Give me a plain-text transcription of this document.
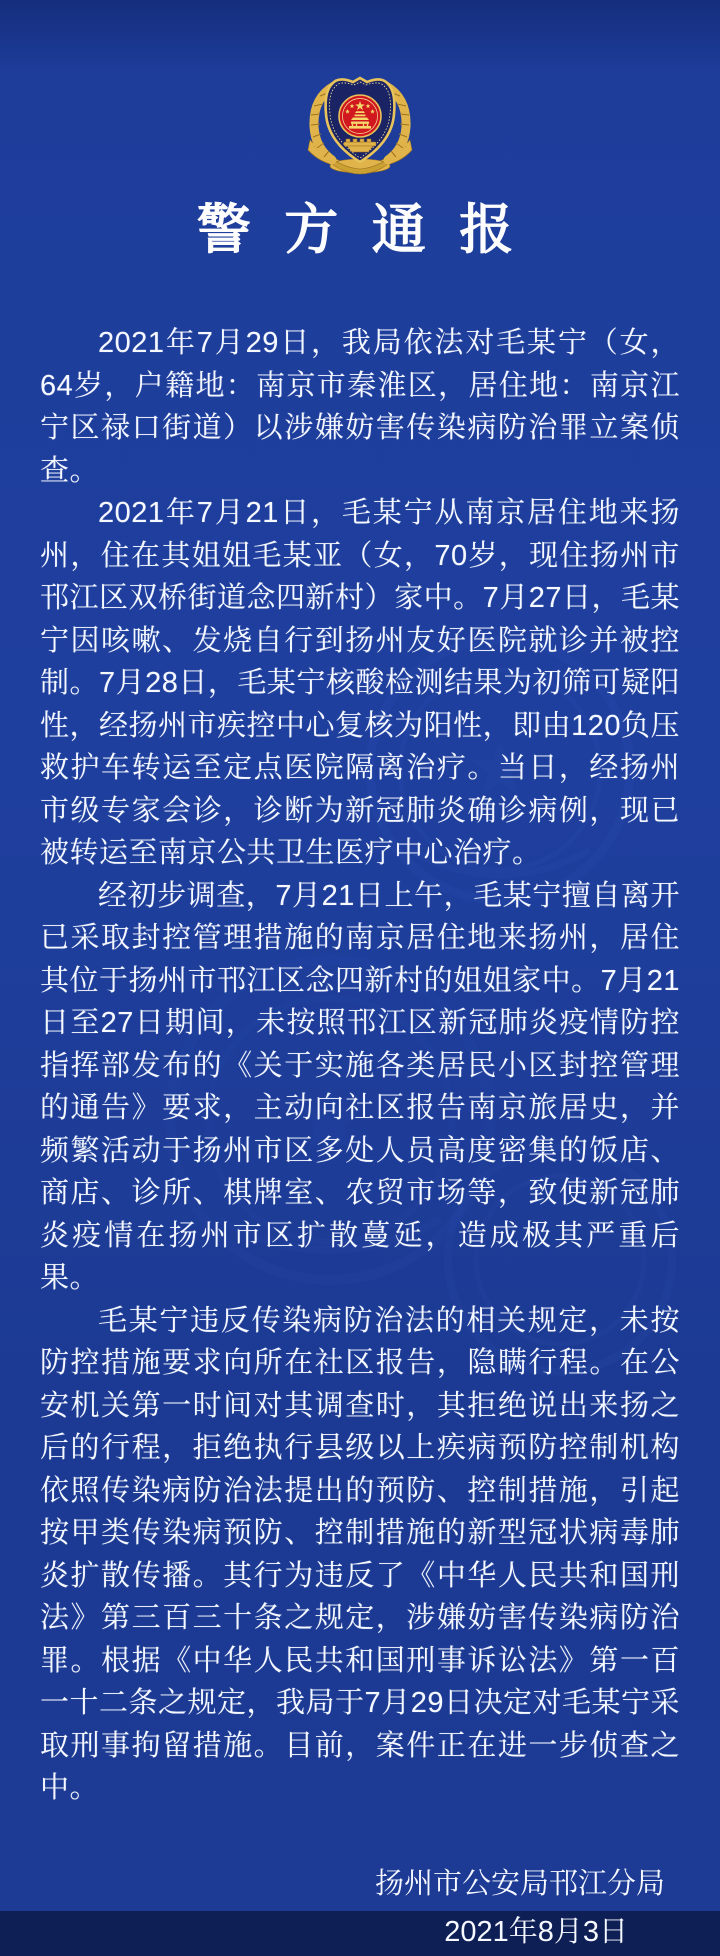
警 方 通 报

2021年7月29日，我局依法对毛某宁（女，64岁，户籍地：南京市秦淮区，居住地：南京江宁区禄口街道）以涉嫌妨害传染病防治罪立案侦查。

2021年7月21日，毛某宁从南京居住地来扬州，住在其姐姐毛某亚（女，70岁，现住扬州市邗江区双桥街道念四新村）家中。7月27日，毛某宁因咳嗽、发烧自行到扬州友好医院就诊并被控制。7月28日，毛某宁核酸检测结果为初筛可疑阳性，经扬州市疾控中心复核为阳性，即由120负压救护车转运至定点医院隔离治疗。当日，经扬州市级专家会诊，诊断为新冠肺炎确诊病例，现已被转运至南京公共卫生医疗中心治疗。

经初步调查，7月21日上午，毛某宁擅自离开已采取封控管理措施的南京居住地来扬州，居住其位于扬州市邗江区念四新村的姐姐家中。7月21日至27日期间，未按照邗江区新冠肺炎疫情防控指挥部发布的《关于实施各类居民小区封控管理的通告》要求，主动向社区报告南京旅居史，并频繁活动于扬州市区多处人员高度密集的饭店、商店、诊所、棋牌室、农贸市场等，致使新冠肺炎疫情在扬州市区扩散蔓延，造成极其严重后果。

毛某宁违反传染病防治法的相关规定，未按防控措施要求向所在社区报告，隐瞒行程。在公安机关第一时间对其调查时，其拒绝说出来扬之后的行程，拒绝执行县级以上疾病预防控制机构依照传染病防治法提出的预防、控制措施，引起按甲类传染病预防、控制措施的新型冠状病毒肺炎扩散传播。其行为违反了《中华人民共和国刑法》第三百三十条之规定，涉嫌妨害传染病防治罪。根据《中华人民共和国刑事诉讼法》第一百一十二条之规定，我局于7月29日决定对毛某宁采取刑事拘留措施。目前，案件正在进一步侦查之中。

扬州市公安局邗江分局
2021年8月3日
